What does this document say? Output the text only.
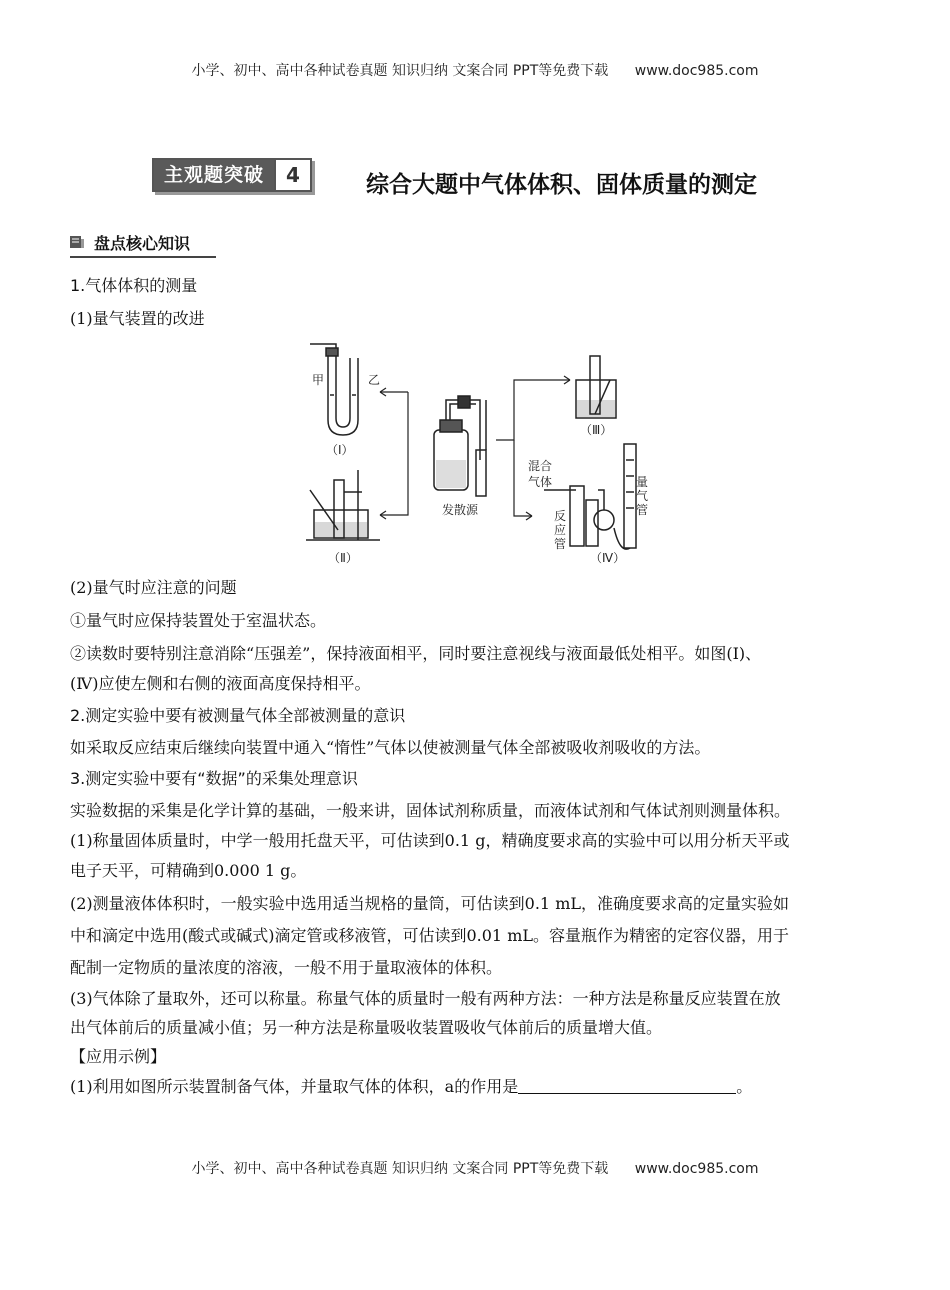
小学、初中、高中各种试卷真题 知识归纳 文案合同 PPT等免费下载 www.doc985.com
主观题突破	4	综合大题中气体体积、固体质量的测定
盘点核心知识
1.气体体积的测量
(1)量气装置的改进
甲	乙
（Ⅰ）
（Ⅱ）
发散源
（Ⅲ）
混合
气体
反
应
管
量
气
管
（Ⅳ）
(2)量气时应注意的问题
①量气时应保持装置处于室温状态。
②读数时要特别注意消除“压强差”，保持液面相平，同时要注意视线与液面最低处相平。如图(Ⅰ)、
(Ⅳ)应使左侧和右侧的液面高度保持相平。
2.测定实验中要有被测量气体全部被测量的意识
如采取反应结束后继续向装置中通入“惰性”气体以使被测量气体全部被吸收剂吸收的方法。
3.测定实验中要有“数据”的采集处理意识
实验数据的采集是化学计算的基础，一般来讲，固体试剂称质量，而液体试剂和气体试剂则测量体积。
(1)称量固体质量时，中学一般用托盘天平，可估读到0.1 g，精确度要求高的实验中可以用分析天平或
电子天平，可精确到0.000 1 g。
(2)测量液体体积时，一般实验中选用适当规格的量筒，可估读到0.1 mL，准确度要求高的定量实验如
中和滴定中选用(酸式或碱式)滴定管或移液管，可估读到0.01 mL。容量瓶作为精密的定容仪器，用于
配制一定物质的量浓度的溶液，一般不用于量取液体的体积。
(3)气体除了量取外，还可以称量。称量气体的质量时一般有两种方法：一种方法是称量反应装置在放
出气体前后的质量减小值；另一种方法是称量吸收装置吸收气体前后的质量增大值。
【应用示例】
(1)利用如图所示装置制备气体，并量取气体的体积，a的作用是	。
小学、初中、高中各种试卷真题 知识归纳 文案合同 PPT等免费下载 www.doc985.com
